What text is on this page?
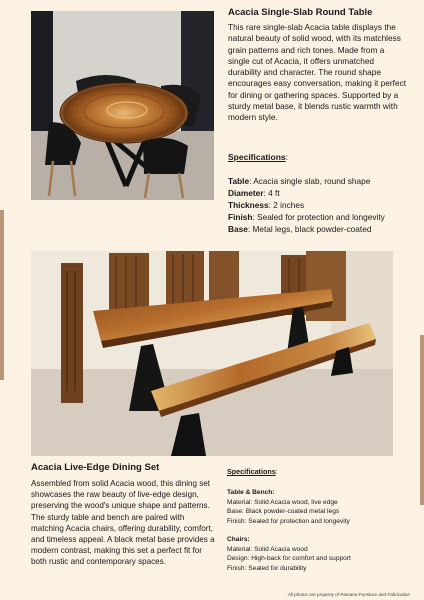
Acacia Single-Slab Round Table
This rare single-slab Acacia table displays the natural beauty of solid wood, with its matchless grain patterns and rich tones. Made from a single cut of Acacia, it offers unmatched durability and character. The round shape encourages easy conversation, making it perfect for dining or gathering spaces. Supported by a sturdy metal base, it blends rustic warmth with modern style.
Specifications:
Table: Acacia single slab, round shape
Diameter: 4 ft
Thickness: 2 inches
Finish: Sealed for protection and longevity
Base: Metal legs, black powder-coated
Acacia Live-Edge Dining Set
Assembled from solid Acacia wood, this dining set showcases the raw beauty of live-edge design, preserving the wood's unique shape and patterns. The sturdy table and bench are paired with matching Acacia chairs, offering durability, comfort, and timeless appeal. A black metal base provides a modern contrast, making this set a perfect fit for both rustic and contemporary spaces.
Specifications:
Table & Bench:
Material: Solid Acacia wood, live edge
Base: Black powder-coated metal legs
Finish: Sealed for protection and longevity
Chairs:
Material: Solid Acacia wood
Design: High-back for comfort and support
Finish: Sealed for durability
All photos are property of Pamana Furniture and Fabrication
